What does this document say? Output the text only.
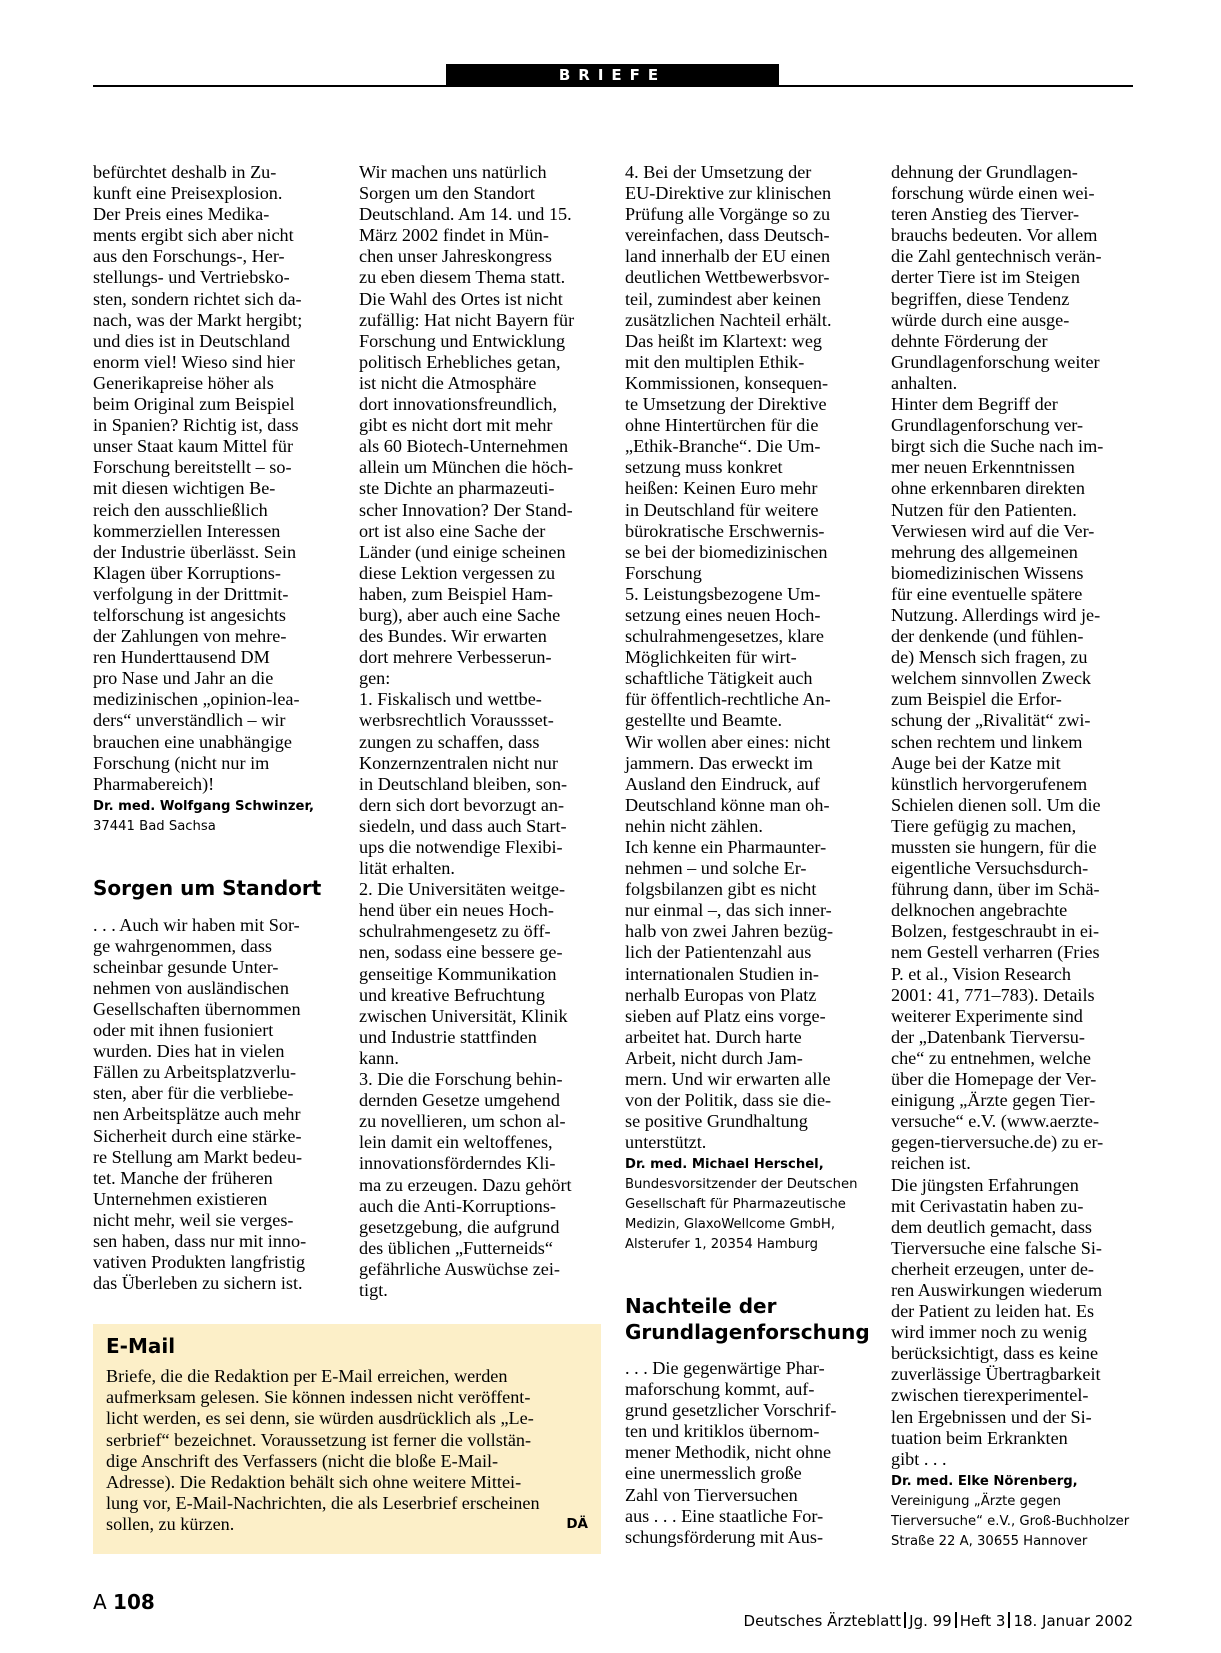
BRIEFE

befürchtet deshalb in Zu-

kunft eine Preisexplosion.

Der Preis eines Medika-

ments ergibt sich aber nicht

aus den Forschungs-, Her-

stellungs- und Vertriebsko-

sten, sondern richtet sich da-

nach, was der Markt hergibt;

und dies ist in Deutschland

enorm viel! Wieso sind hier

Generikapreise höher als

beim Original zum Beispiel

in Spanien? Richtig ist, dass

unser Staat kaum Mittel für

Forschung bereitstellt – so-

mit diesen wichtigen Be-

reich den ausschließlich

kommerziellen Interessen

der Industrie überlässt. Sein

Klagen über Korruptions-

verfolgung in der Drittmit-

telforschung ist angesichts

der Zahlungen von mehre-

ren Hunderttausend DM

pro Nase und Jahr an die

medizinischen „opinion-lea-

ders“ unverständlich – wir

brauchen eine unabhängige

Forschung (nicht nur im

Pharmabereich)!

Dr. med. Wolfgang Schwinzer,

37441 Bad Sachsa

Sorgen um Standort

. . . Auch wir haben mit Sor-

ge wahrgenommen, dass

scheinbar gesunde Unter-

nehmen von ausländischen

Gesellschaften übernommen

oder mit ihnen fusioniert

wurden. Dies hat in vielen

Fällen zu Arbeitsplatzverlu-

sten, aber für die verbliebe-

nen Arbeitsplätze auch mehr

Sicherheit durch eine stärke-

re Stellung am Markt bedeu-

tet. Manche der früheren

Unternehmen existieren

nicht mehr, weil sie verges-

sen haben, dass nur mit inno-

vativen Produkten langfristig

das Überleben zu sichern ist.

Wir machen uns natürlich

Sorgen um den Standort

Deutschland. Am 14. und 15.

März 2002 findet in Mün-

chen unser Jahreskongress

zu eben diesem Thema statt.

Die Wahl des Ortes ist nicht

zufällig: Hat nicht Bayern für

Forschung und Entwicklung

politisch Erhebliches getan,

ist nicht die Atmosphäre

dort innovationsfreundlich,

gibt es nicht dort mit mehr

als 60 Biotech-Unternehmen

allein um München die höch-

ste Dichte an pharmazeuti-

scher Innovation? Der Stand-

ort ist also eine Sache der

Länder (und einige scheinen

diese Lektion vergessen zu

haben, zum Beispiel Ham-

burg), aber auch eine Sache

des Bundes. Wir erwarten

dort mehrere Verbesserun-

gen:

1. Fiskalisch und wettbe-

werbsrechtlich Voraussset-

zungen zu schaffen, dass

Konzernzentralen nicht nur

in Deutschland bleiben, son-

dern sich dort bevorzugt an-

siedeln, und dass auch Start-

ups die notwendige Flexibi-

lität erhalten.

2. Die Universitäten weitge-

hend über ein neues Hoch-

schulrahmengesetz zu öff-

nen, sodass eine bessere ge-

genseitige Kommunikation

und kreative Befruchtung

zwischen Universität, Klinik

und Industrie stattfinden

kann.

3. Die die Forschung behin-

dernden Gesetze umgehend

zu novellieren, um schon al-

lein damit ein weltoffenes,

innovationsförderndes Kli-

ma zu erzeugen. Dazu gehört

auch die Anti-Korruptions-

gesetzgebung, die aufgrund

des üblichen „Futterneids“

gefährliche Auswüchse zei-

tigt.

4. Bei der Umsetzung der

EU-Direktive zur klinischen

Prüfung alle Vorgänge so zu

vereinfachen, dass Deutsch-

land innerhalb der EU einen

deutlichen Wettbewerbsvor-

teil, zumindest aber keinen

zusätzlichen Nachteil erhält.

Das heißt im Klartext: weg

mit den multiplen Ethik-

Kommissionen, konsequen-

te Umsetzung der Direktive

ohne Hintertürchen für die

„Ethik-Branche“. Die Um-

setzung muss konkret

heißen: Keinen Euro mehr

in Deutschland für weitere

bürokratische Erschwernis-

se bei der biomedizinischen

Forschung

5. Leistungsbezogene Um-

setzung eines neuen Hoch-

schulrahmengesetzes, klare

Möglichkeiten für wirt-

schaftliche Tätigkeit auch

für öffentlich-rechtliche An-

gestellte und Beamte.

Wir wollen aber eines: nicht

jammern. Das erweckt im

Ausland den Eindruck, auf

Deutschland könne man oh-

nehin nicht zählen.

Ich kenne ein Pharmaunter-

nehmen – und solche Er-

folgsbilanzen gibt es nicht

nur einmal –, das sich inner-

halb von zwei Jahren bezüg-

lich der Patientenzahl aus

internationalen Studien in-

nerhalb Europas von Platz

sieben auf Platz eins vorge-

arbeitet hat. Durch harte

Arbeit, nicht durch Jam-

mern. Und wir erwarten alle

von der Politik, dass sie die-

se positive Grundhaltung

unterstützt.

Dr. med. Michael Herschel,

Bundesvorsitzender der Deutschen

Gesellschaft für Pharmazeutische

Medizin, GlaxoWellcome GmbH,

Alsterufer 1, 20354 Hamburg

Nachteile der
Grundlagenforschung

. . . Die gegenwärtige Phar-

maforschung kommt, auf-

grund gesetzlicher Vorschrif-

ten und kritiklos übernom-

mener Methodik, nicht ohne

eine unermesslich große

Zahl von Tierversuchen

aus . . . Eine staatliche For-

schungsförderung mit Aus-

dehnung der Grundlagen-

forschung würde einen wei-

teren Anstieg des Tierver-

brauchs bedeuten. Vor allem

die Zahl gentechnisch verän-

derter Tiere ist im Steigen

begriffen, diese Tendenz

würde durch eine ausge-

dehnte Förderung der

Grundlagenforschung weiter

anhalten.

Hinter dem Begriff der

Grundlagenforschung ver-

birgt sich die Suche nach im-

mer neuen Erkenntnissen

ohne erkennbaren direkten

Nutzen für den Patienten.

Verwiesen wird auf die Ver-

mehrung des allgemeinen

biomedizinischen Wissens

für eine eventuelle spätere

Nutzung. Allerdings wird je-

der denkende (und fühlen-

de) Mensch sich fragen, zu

welchem sinnvollen Zweck

zum Beispiel die Erfor-

schung der „Rivalität“ zwi-

schen rechtem und linkem

Auge bei der Katze mit

künstlich hervorgerufenem

Schielen dienen soll. Um die

Tiere gefügig zu machen,

mussten sie hungern, für die

eigentliche Versuchsdurch-

führung dann, über im Schä-

delknochen angebrachte

Bolzen, festgeschraubt in ei-

nem Gestell verharren (Fries

P. et al., Vision Research

2001: 41, 771–783). Details

weiterer Experimente sind

der „Datenbank Tierversu-

che“ zu entnehmen, welche

über die Homepage der Ver-

einigung „Ärzte gegen Tier-

versuche“ e.V. (www.aerzte-

gegen-tierversuche.de) zu er-

reichen ist.

Die jüngsten Erfahrungen

mit Cerivastatin haben zu-

dem deutlich gemacht, dass

Tierversuche eine falsche Si-

cherheit erzeugen, unter de-

ren Auswirkungen wiederum

der Patient zu leiden hat. Es

wird immer noch zu wenig

berücksichtigt, dass es keine

zuverlässige Übertragbarkeit

zwischen tierexperimentel-

len Ergebnissen und der Si-

tuation beim Erkrankten

gibt . . .

Dr. med. Elke Nörenberg,

Vereinigung „Ärzte gegen

Tierversuche“ e.V., Groß-Buchholzer

Straße 22 A, 30655 Hannover

E-Mail

Briefe, die die Redaktion per E-Mail erreichen, werden

aufmerksam gelesen. Sie können indessen nicht veröffent-

licht werden, es sei denn, sie würden ausdrücklich als „Le-

serbrief“ bezeichnet. Voraussetzung ist ferner die vollstän-

dige Anschrift des Verfassers (nicht die bloße E-Mail-

Adresse). Die Redaktion behält sich ohne weitere Mittei-

lung vor, E-Mail-Nachrichten, die als Leserbrief erscheinen

sollen, zu kürzen.	DÄ
A 108

Deutsches Ärzteblatt Jg. 99 Heft 3 18. Januar 2002
